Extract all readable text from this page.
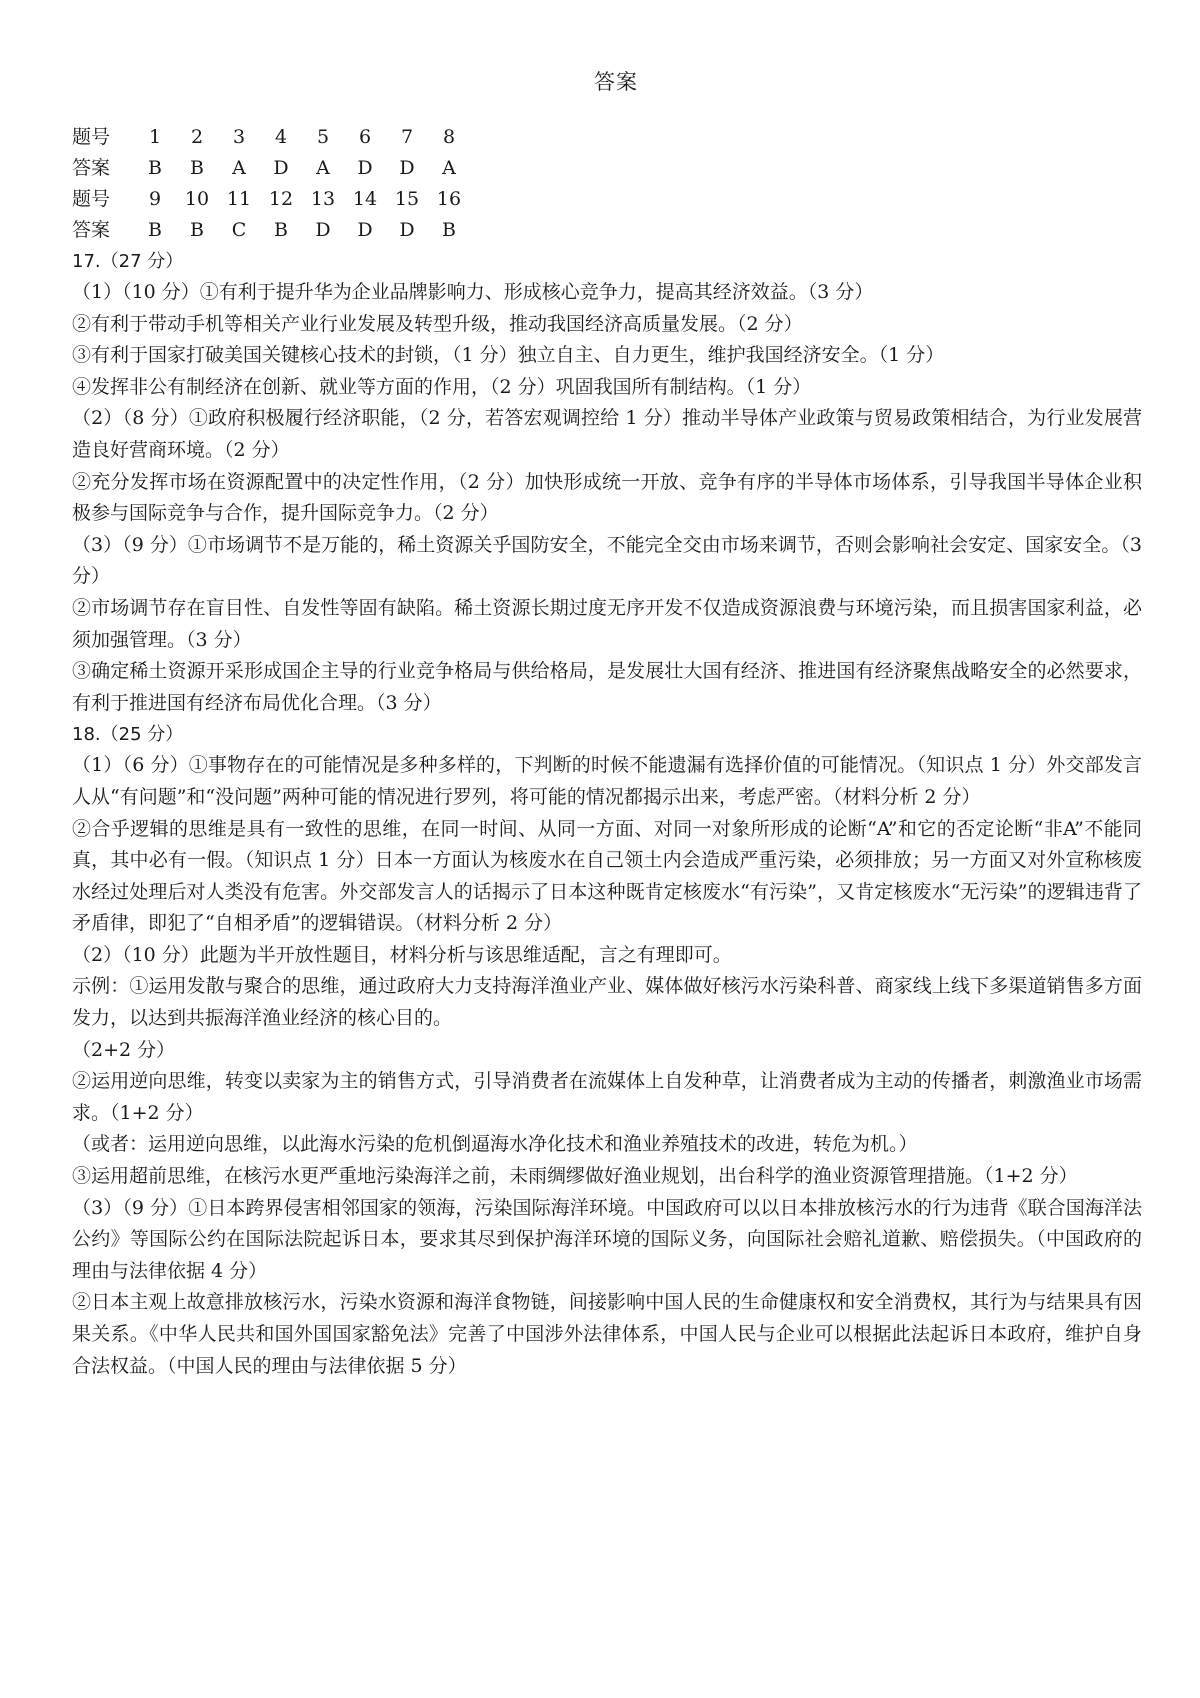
答案
题号	1	2	3	4	5	6	7	8
答案	B	B	A	D	A	D	D	A
题号	9	10 11 12 13 14 15 16
答案	B	B	C	B	D	D	D	B
17.（27 分）

（1）（10 分）①有利于提升华为企业品牌影响力、形成核心竞争力，提高其经济效益。（3 分）

②有利于带动手机等相关产业行业发展及转型升级，推动我国经济高质量发展。（2 分）

③有利于国家打破美国关键核心技术的封锁，（1 分）独立自主、自力更生，维护我国经济安全。（1 分）

④发挥非公有制经济在创新、就业等方面的作用，（2 分）巩固我国所有制结构。（1 分）

（2）（8 分）①政府积极履行经济职能，（2 分，若答宏观调控给 1 分）推动半导体产业政策与贸易政策相结合，为行业发展营造良好营商环境。（2 分）

②充分发挥市场在资源配置中的决定性作用，（2 分）加快形成统一开放、竞争有序的半导体市场体系，引导我国半导体企业积极参与国际竞争与合作，提升国际竞争力。（2 分）

（3）（9 分）①市场调节不是万能的，稀土资源关乎国防安全，不能完全交由市场来调节，否则会影响社会安定、国家安全。（3 分）

②市场调节存在盲目性、自发性等固有缺陷。稀土资源长期过度无序开发不仅造成资源浪费与环境污染，而且损害国家利益，必须加强管理。（3 分）

③确定稀土资源开采形成国企主导的行业竞争格局与供给格局，是发展壮大国有经济、推进国有经济聚焦战略安全的必然要求，有利于推进国有经济布局优化合理。（3 分）

18.（25 分）

（1）（6 分）①事物存在的可能情况是多种多样的，下判断的时候不能遗漏有选择价值的可能情况。（知识点 1 分）外交部发言人从“有问题”和“没问题”两种可能的情况进行罗列，将可能的情况都揭示出来，考虑严密。（材料分析 2 分）

②合乎逻辑的思维是具有一致性的思维，在同一时间、从同一方面、对同一对象所形成的论断“A”和它的否定论断“非A”不能同真，其中必有一假。（知识点 1 分）日本一方面认为核废水在自己领土内会造成严重污染，必须排放；另一方面又对外宣称核废水经过处理后对人类没有危害。外交部发言人的话揭示了日本这种既肯定核废水“有污染”，又肯定核废水“无污染”的逻辑违背了矛盾律，即犯了“自相矛盾”的逻辑错误。（材料分析 2 分）

（2）（10 分）此题为半开放性题目，材料分析与该思维适配，言之有理即可。

示例：①运用发散与聚合的思维，通过政府大力支持海洋渔业产业、媒体做好核污水污染科普、商家线上线下多渠道销售多方面发力，以达到共振海洋渔业经济的核心目的。

（2+2 分）

②运用逆向思维，转变以卖家为主的销售方式，引导消费者在流媒体上自发种草，让消费者成为主动的传播者，刺激渔业市场需求。（1+2 分）

（或者：运用逆向思维，以此海水污染的危机倒逼海水净化技术和渔业养殖技术的改进，转危为机。）

③运用超前思维，在核污水更严重地污染海洋之前，未雨绸缪做好渔业规划，出台科学的渔业资源管理措施。（1+2 分）

（3）（9 分）①日本跨界侵害相邻国家的领海，污染国际海洋环境。中国政府可以以日本排放核污水的行为违背《联合国海洋法公约》等国际公约在国际法院起诉日本，要求其尽到保护海洋环境的国际义务，向国际社会赔礼道歉、赔偿损失。（中国政府的理由与法律依据 4 分）

②日本主观上故意排放核污水，污染水资源和海洋食物链，间接影响中国人民的生命健康权和安全消费权，其行为与结果具有因果关系。《中华人民共和国外国国家豁免法》完善了中国涉外法律体系，中国人民与企业可以根据此法起诉日本政府，维护自身合法权益。（中国人民的理由与法律依据 5 分）
